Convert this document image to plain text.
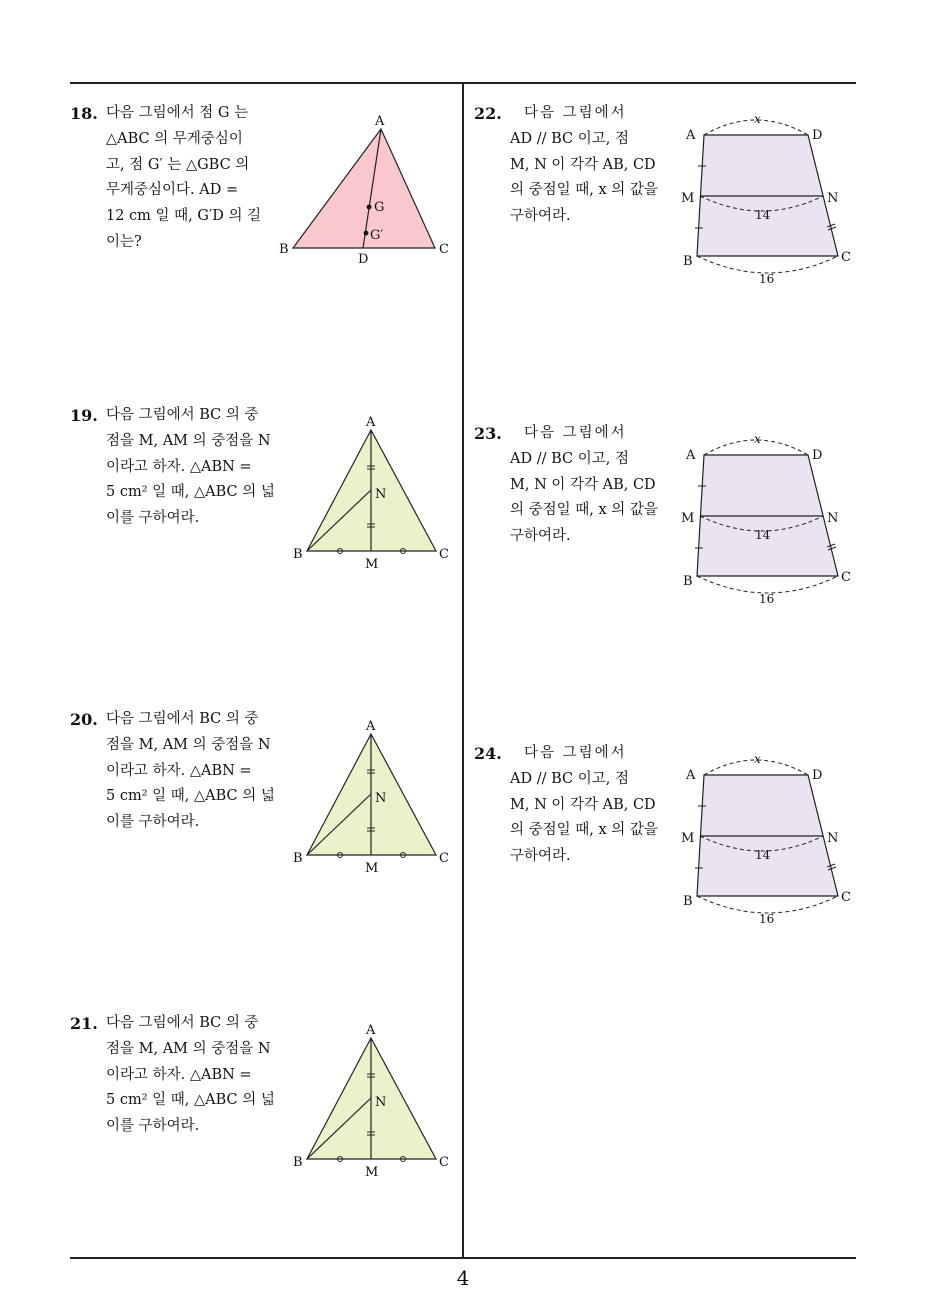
4
18. 다음 그림에서 점 G 는
△ABC 의 무게중심이
고, 점 G′ 는 △GBC 의
무게중심이다. AD =
12 cm 일 때, G′D 의 길
이는?
A
B	C
D
G
G′
19. 다음 그림에서 BC 의 중
점을 M, AM 의 중점을 N
이라고 하자. △ABN =
5 cm² 일 때, △ABC 의 넓
이를 구하여라.
A
B	C
M
N
20. 다음 그림에서 BC 의 중
점을 M, AM 의 중점을 N
이라고 하자. △ABN =
5 cm² 일 때, △ABC 의 넓
이를 구하여라.
A
B	C
M
N
21. 다음 그림에서 BC 의 중
점을 M, AM 의 중점을 N
이라고 하자. △ABN =
5 cm² 일 때, △ABC 의 넓
이를 구하여라.
A
B	C
M
N
22.	다음 그림에서
AD // BC 이고, 점
M, N 이 각각 AB, CD
의 중점일 때, x 의 값을
구하여라.
A	D
M	N
B	C
x
14
16
23.	다음 그림에서
AD // BC 이고, 점
M, N 이 각각 AB, CD
의 중점일 때, x 의 값을
구하여라.
A	D
M	N
B	C
x
14
16
24.	다음 그림에서
AD // BC 이고, 점
M, N 이 각각 AB, CD
의 중점일 때, x 의 값을
구하여라.
A	D
M	N
B	C
x
14
16
